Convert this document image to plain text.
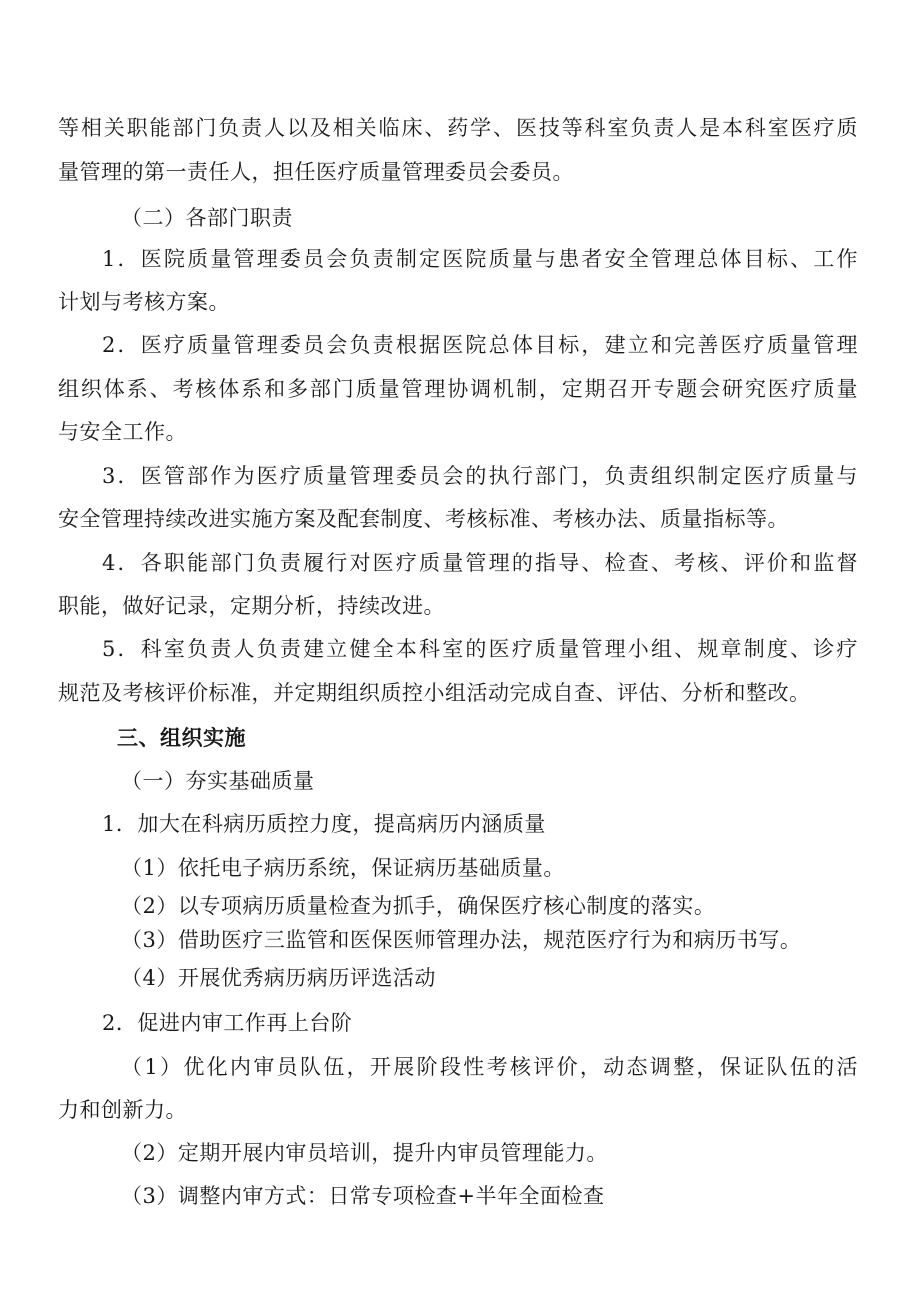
等相关职能部门负责人以及相关临床、药学、医技等科室负责人是本科室医疗质
量管理的第一责任人，担任医疗质量管理委员会委员。
（二）各部门职责
1．医院质量管理委员会负责制定医院质量与患者安全管理总体目标、工作
计划与考核方案。
2．医疗质量管理委员会负责根据医院总体目标，建立和完善医疗质量管理
组织体系、考核体系和多部门质量管理协调机制，定期召开专题会研究医疗质量
与安全工作。
3．医管部作为医疗质量管理委员会的执行部门，负责组织制定医疗质量与
安全管理持续改进实施方案及配套制度、考核标准、考核办法、质量指标等。
4．各职能部门负责履行对医疗质量管理的指导、检查、考核、评价和监督
职能，做好记录，定期分析，持续改进。
5．科室负责人负责建立健全本科室的医疗质量管理小组、规章制度、诊疗
规范及考核评价标准，并定期组织质控小组活动完成自查、评估、分析和整改。
三、组织实施
（一）夯实基础质量
1．加大在科病历质控力度，提高病历内涵质量
（1）依托电子病历系统，保证病历基础质量。
（2）以专项病历质量检查为抓手，确保医疗核心制度的落实。
（3）借助医疗三监管和医保医师管理办法，规范医疗行为和病历书写。
（4）开展优秀病历病历评选活动
2．促进内审工作再上台阶
（1）优化内审员队伍，开展阶段性考核评价，动态调整，保证队伍的活
力和创新力。
（2）定期开展内审员培训，提升内审员管理能力。
（3）调整内审方式：日常专项检查+半年全面检查
